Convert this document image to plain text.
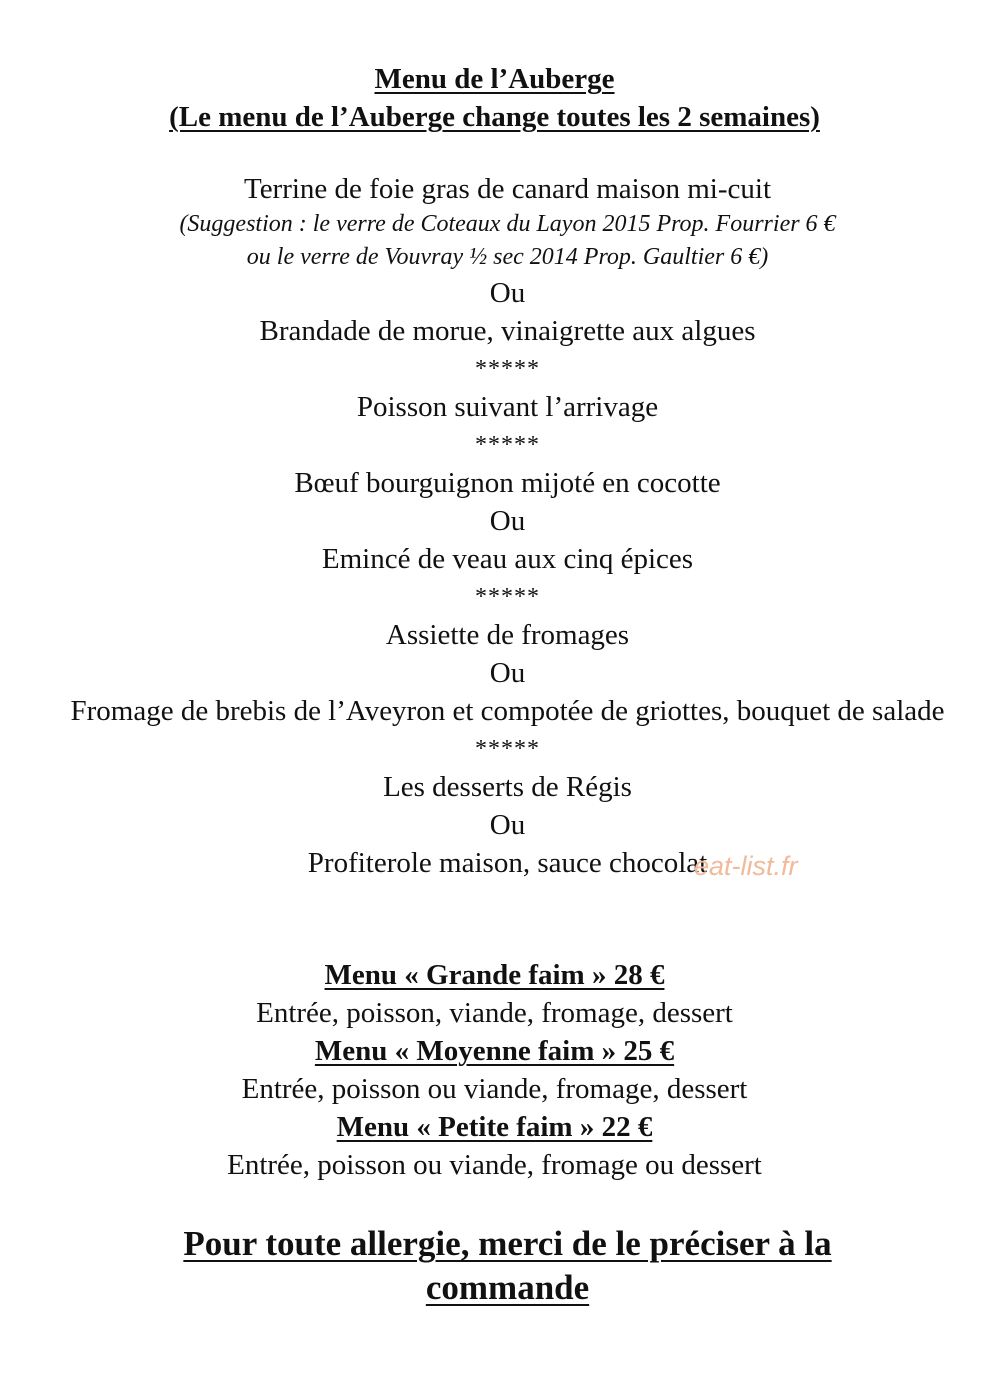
Menu de l’Auberge
(Le menu de l’Auberge change toutes les 2 semaines)
Terrine de foie gras de canard maison mi-cuit
(Suggestion : le verre de Coteaux du Layon 2015 Prop. Fourrier 6 €
ou le verre de Vouvray ½ sec 2014 Prop. Gaultier 6 €)
Ou
Brandade de morue, vinaigrette aux algues
*****
Poisson suivant l’arrivage
*****
Bœuf bourguignon mijoté en cocotte
Ou
Emincé de veau aux cinq épices
*****
Assiette de fromages
Ou
Fromage de brebis de l’Aveyron et compotée de griottes, bouquet de salade
*****
Les desserts de Régis
Ou
Profiterole maison, sauce chocolat
eat-list.fr
Menu « Grande faim » 28 €
Entrée, poisson, viande, fromage, dessert
Menu « Moyenne faim » 25 €
Entrée, poisson ou viande, fromage, dessert
Menu « Petite faim » 22 €
Entrée, poisson ou viande, fromage ou dessert
Pour toute allergie, merci de le préciser à la commande
